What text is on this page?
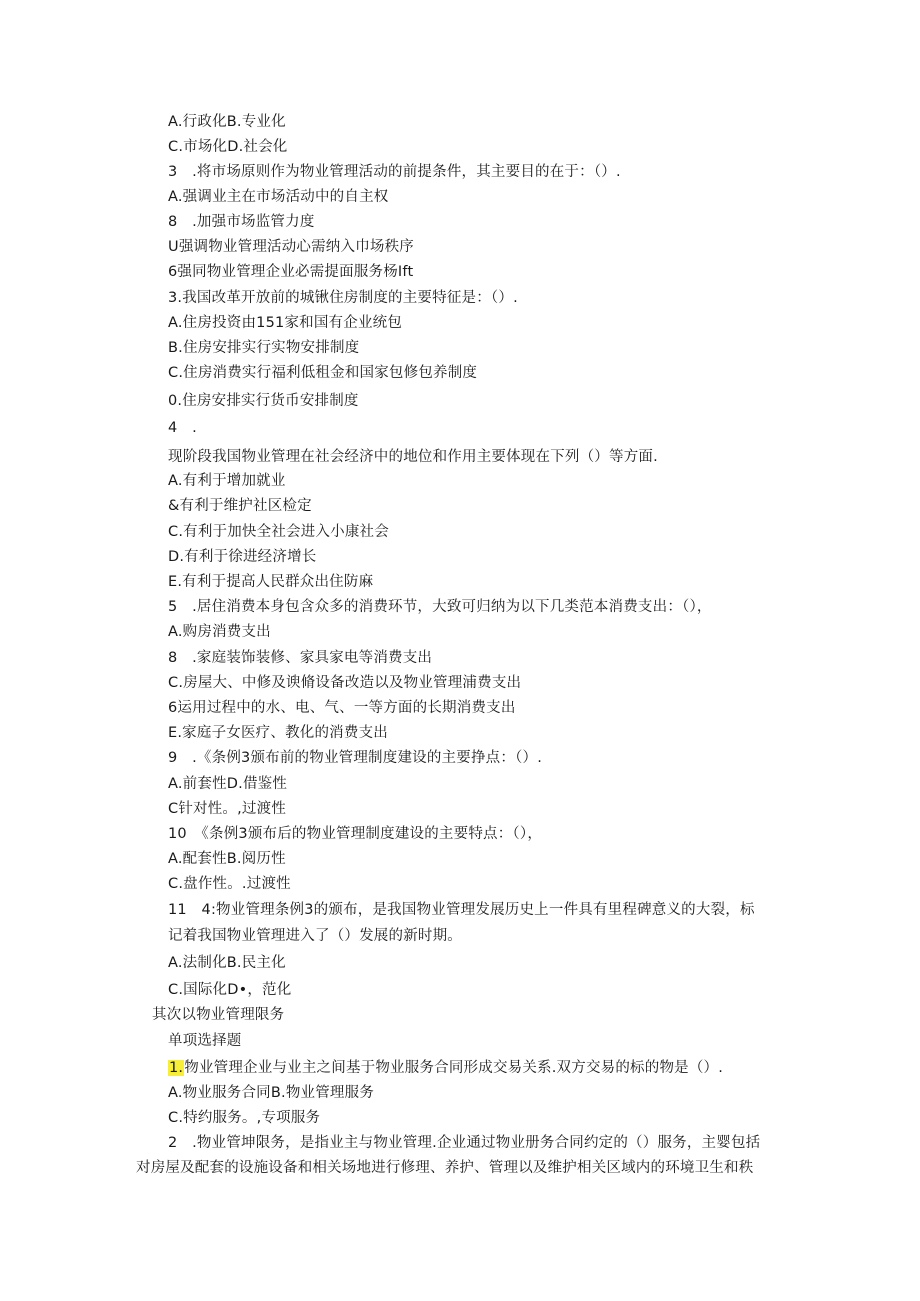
A.行政化B.专业化
C.市场化D.社会化
3　.将市场原则作为物业管理活动的前提条件，其主要目的在于：（）.
A.强调业主在市场活动中的自主权
8　.加强市场监管力度
U强调物业管理活动心需纳入巾场秩序
6强同物业管理企业必需提面服务杨Ift
3.我国改革开放前的城锹住房制度的主要特征是：（）.
A.住房投资由151家和国有企业统包
B.住房安排实行实物安排制度
C.住房消费实行福利低租金和国家包修包养制度
0.住房安排实行货币安排制度
4　.
现阶段我国物业管理在社会经济中的地位和作用主要体现在下列（）等方面.
A.有利于增加就业
&有利于维护社区检定
C.有利于加快全社会进入小康社会
D.有利于徐进经济增长
E.有利于提高人民群众出住防麻
5　.居住消费本身包含众多的消费环节，大致可归纳为以下几类范本消费支出：（），
A.购房消费支出
8　.家庭装饰装修、家具家电等消费支出
C.房屋大、中修及谀脩设备改造以及物业管理浦费支出
6运用过程中的水、电、气、一等方面的长期消费支出
E.家庭子女医疗、教化的消费支出
9　.《条例3颁布前的物业管理制度建设的主要挣点：（）.
A.前套性D.借鉴性
C针对性。,过渡性
10　《条例3颁布后的物业管理制度建设的主要特点：（），
A.配套性B.阅历性
C.盘作性。.过渡性
11　4:物业管理条例3的颁布，是我国物业管理发展历史上一件具有里程碑意义的大裂，标
记着我国物业管理进入了（）发展的新时期。
A.法制化B.民主化
C.国际化D•，范化
其次以物业管理限务
单项选择题
1.物业管理企业与业主之间基于物业服务合同形成交易关系.双方交易的标的物是（）.
A.物业服务合同B.物业管理服务
C.特约服务。,专项服务
2　.物业管坤限务，是指业主与物业管理.企业通过物业册务合同约定的（）服务，主婴包括
对房屋及配套的设施设备和相关场地进行修理、养护、管理以及维护相关区域内的环境卫生和秩
